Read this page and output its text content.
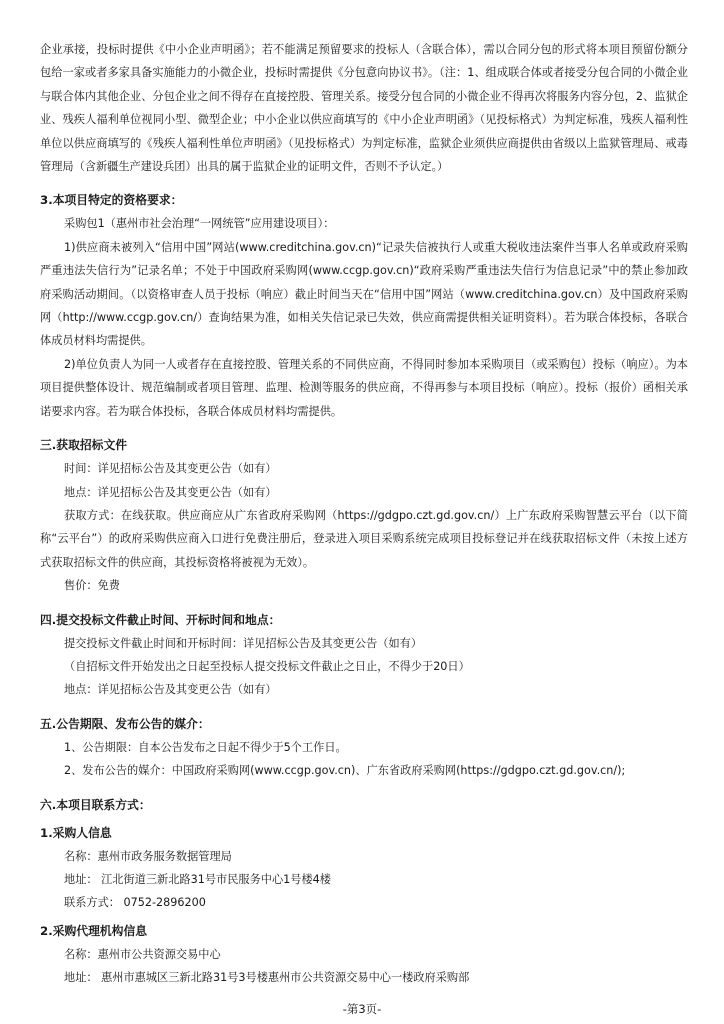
企业承接，投标时提供《中小企业声明函》；若不能满足预留要求的投标人（含联合体），需以合同分包的形式将本项目预留份额分包给一家或者多家具备实施能力的小微企业，投标时需提供《分包意向协议书》。（注：1、组成联合体或者接受分包合同的小微企业与联合体内其他企业、分包企业之间不得存在直接控股、管理关系。接受分包合同的小微企业不得再次将服务内容分包，2、监狱企业、残疾人福利单位视同小型、微型企业；中小企业以供应商填写的《中小企业声明函》（见投标格式）为判定标准，残疾人福利性单位以供应商填写的《残疾人福利性单位声明函》（见投标格式）为判定标准，监狱企业须供应商提供由省级以上监狱管理局、戒毒管理局（含新疆生产建设兵团）出具的属于监狱企业的证明文件，否则不予认定。）

3.本项目特定的资格要求：

采购包1（惠州市社会治理“一网统管”应用建设项目）：

1)供应商未被列入“信用中国”网站(www.creditchina.gov.cn)“记录失信被执行人或重大税收违法案件当事人名单或政府采购严重违法失信行为”记录名单；不处于中国政府采购网(www.ccgp.gov.cn)“政府采购严重违法失信行为信息记录”中的禁止参加政府采购活动期间。（以资格审查人员于投标（响应）截止时间当天在“信用中国”网站（www.creditchina.gov.cn）及中国政府采购网（http://www.ccgp.gov.cn/）查询结果为准，如相关失信记录已失效，供应商需提供相关证明资料）。若为联合体投标，各联合体成员材料均需提供。

2)单位负责人为同一人或者存在直接控股、管理关系的不同供应商，不得同时参加本采购项目（或采购包）投标（响应）。为本项目提供整体设计、规范编制或者项目管理、监理、检测等服务的供应商，不得再参与本项目投标（响应）。投标（报价）函相关承诺要求内容。若为联合体投标，各联合体成员材料均需提供。

三.获取招标文件

时间：详见招标公告及其变更公告（如有）

地点：详见招标公告及其变更公告（如有）

获取方式：在线获取。供应商应从广东省政府采购网（https://gdgpo.czt.gd.gov.cn/）上广东政府采购智慧云平台（以下简称“云平台”）的政府采购供应商入口进行免费注册后，登录进入项目采购系统完成项目投标登记并在线获取招标文件（未按上述方式获取招标文件的供应商，其投标资格将被视为无效）。

售价：免费

四.提交投标文件截止时间、开标时间和地点：

提交投标文件截止时间和开标时间：详见招标公告及其变更公告（如有）

（自招标文件开始发出之日起至投标人提交投标文件截止之日止，不得少于20日）

地点：详见招标公告及其变更公告（如有）

五.公告期限、发布公告的媒介：

1、公告期限：自本公告发布之日起不得少于5个工作日。

2、发布公告的媒介：中国政府采购网(www.ccgp.gov.cn)、广东省政府采购网(https://gdgpo.czt.gd.gov.cn/);

六.本项目联系方式：

1.采购人信息

名称：惠州市政务服务数据管理局

地址： 江北街道三新北路31号市民服务中心1号楼4楼

联系方式： 0752-2896200

2.采购代理机构信息

名称：惠州市公共资源交易中心

地址： 惠州市惠城区三新北路31号3号楼惠州市公共资源交易中心一楼政府采购部

-第3页-
